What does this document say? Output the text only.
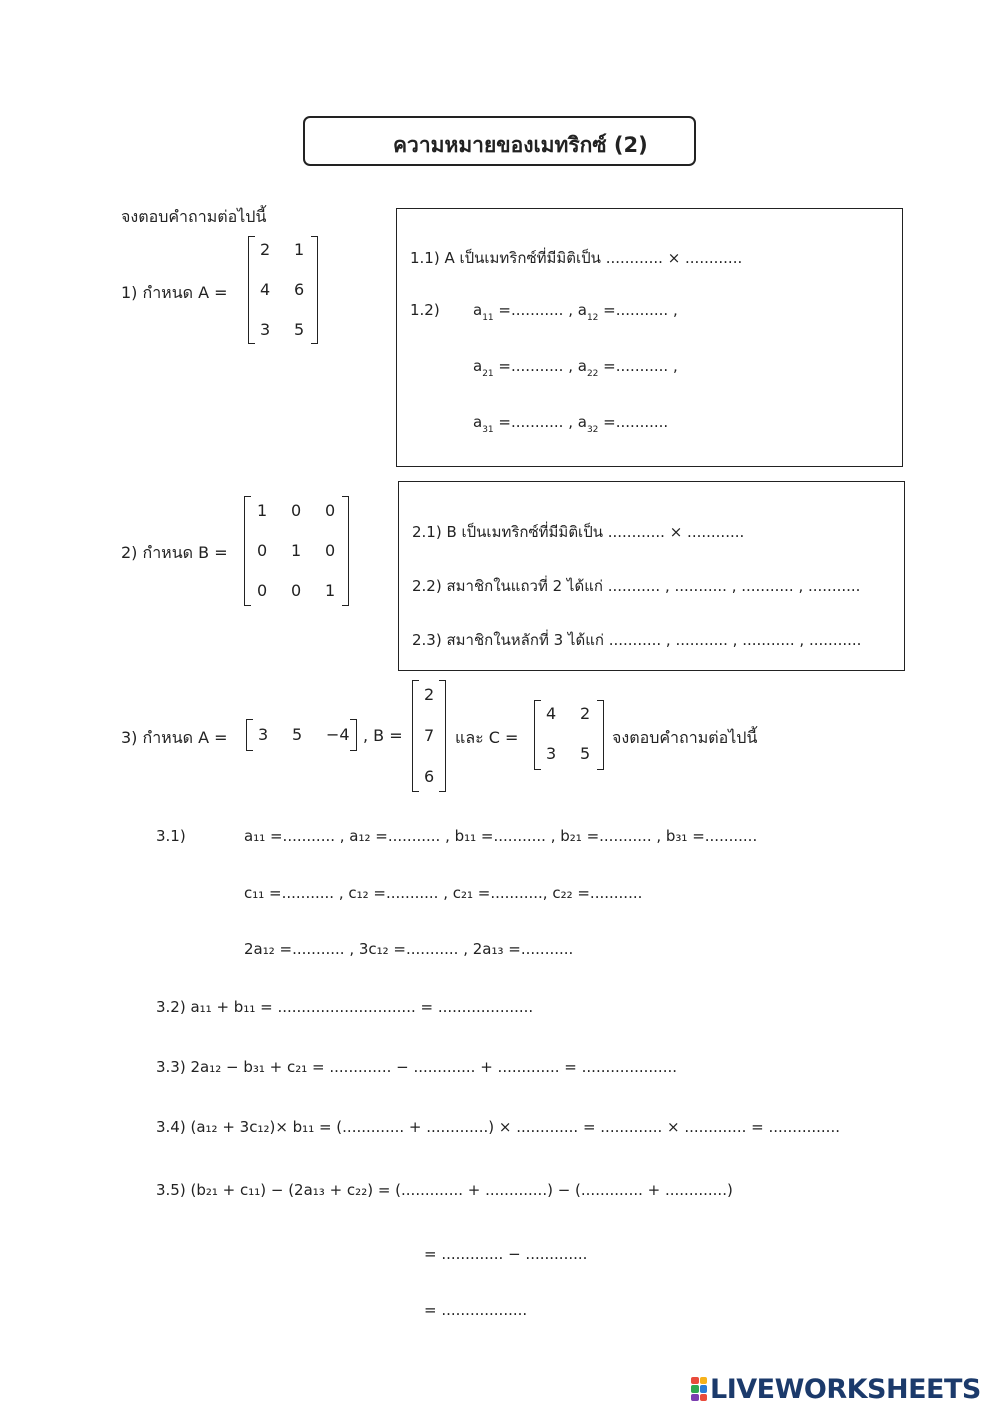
ความหมายของเมทริกซ์ (2)
จงตอบคำถามต่อไปนี้
1) กำหนด A =
2 1
4 6
3 5
1.1) A เป็นเมทริกซ์ที่มีมิติเป็น ............ × ............
1.2) $a_{11}$ =........... , $a_{12}$ =........... ,
$a_{21}$ =........... , $a_{22}$ =........... ,
$a_{31}$ =........... , $a_{32}$ =...........
2) กำหนด B =
1 0 0
0 1 0
0 0 1
2.1) B เป็นเมทริกซ์ที่มีมิติเป็น ............ × ............
2.2) สมาชิกในแถวที่ 2 ได้แก่ ........... , ........... , ........... , ...........
2.3) สมาชิกในหลักที่ 3 ได้แก่ ........... , ........... , ........... , ...........
3) กำหนด A = 3 5 −4 , B =
2
7
6
และ C =
4 2
3 5
จงตอบคำถามต่อไปนี้
3.1)	a₁₁ =........... , a₁₂ =........... , b₁₁ =........... , b₂₁ =........... , b₃₁ =...........
c₁₁ =........... , c₁₂ =........... , c₂₁ =..........., c₂₂ =...........
2a₁₂ =........... , 3c₁₂ =........... , 2a₁₃ =...........
3.2) a₁₁ + b₁₁ = ............................. = ....................
3.3) 2a₁₂ − b₃₁ + c₂₁ = ............. − ............. + ............. = ....................
3.4) (a₁₂ + 3c₁₂)× b₁₁ = (............. + .............) × ............. = ............. × ............. = ...............
3.5) (b₂₁ + c₁₁) − (2a₁₃ + c₂₂) = (............. + .............) − (............. + .............)
= ............. − .............
= ..................
LIVEWORKSHEETS
